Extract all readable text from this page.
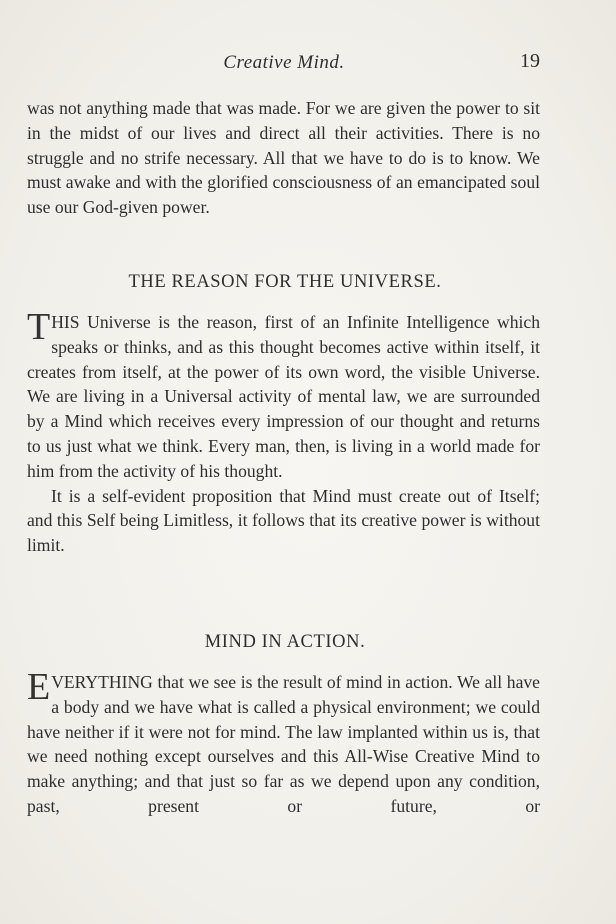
Creative Mind.	19

was not anything made that was made. For we are given the power to sit in the midst of our lives and direct all their activities. There is no struggle and no strife necessary. All that we have to do is to know. We must awake and with the glorified consciousness of an emancipated soul use our God-given power.

THE REASON FOR THE UNIVERSE.

THIS Universe is the reason, first of an Infinite Intelligence which speaks or thinks, and as this thought becomes active within itself, it creates from itself, at the power of its own word, the visible Universe. We are living in a Universal activity of mental law, we are surrounded by a Mind which receives every impression of our thought and returns to us just what we think. Every man, then, is living in a world made for him from the activity of his thought.

It is a self-evident proposition that Mind must create out of Itself; and this Self being Limitless, it follows that its creative power is without limit.

MIND IN ACTION.

EVERYTHING that we see is the result of mind in action. We all have a body and we have what is called a physical environment; we could have neither if it were not for mind. The law implanted within us is, that we need nothing except ourselves and this All-Wise Creative Mind to make anything; and that just so far as we depend upon any condition, past, present or future, or
